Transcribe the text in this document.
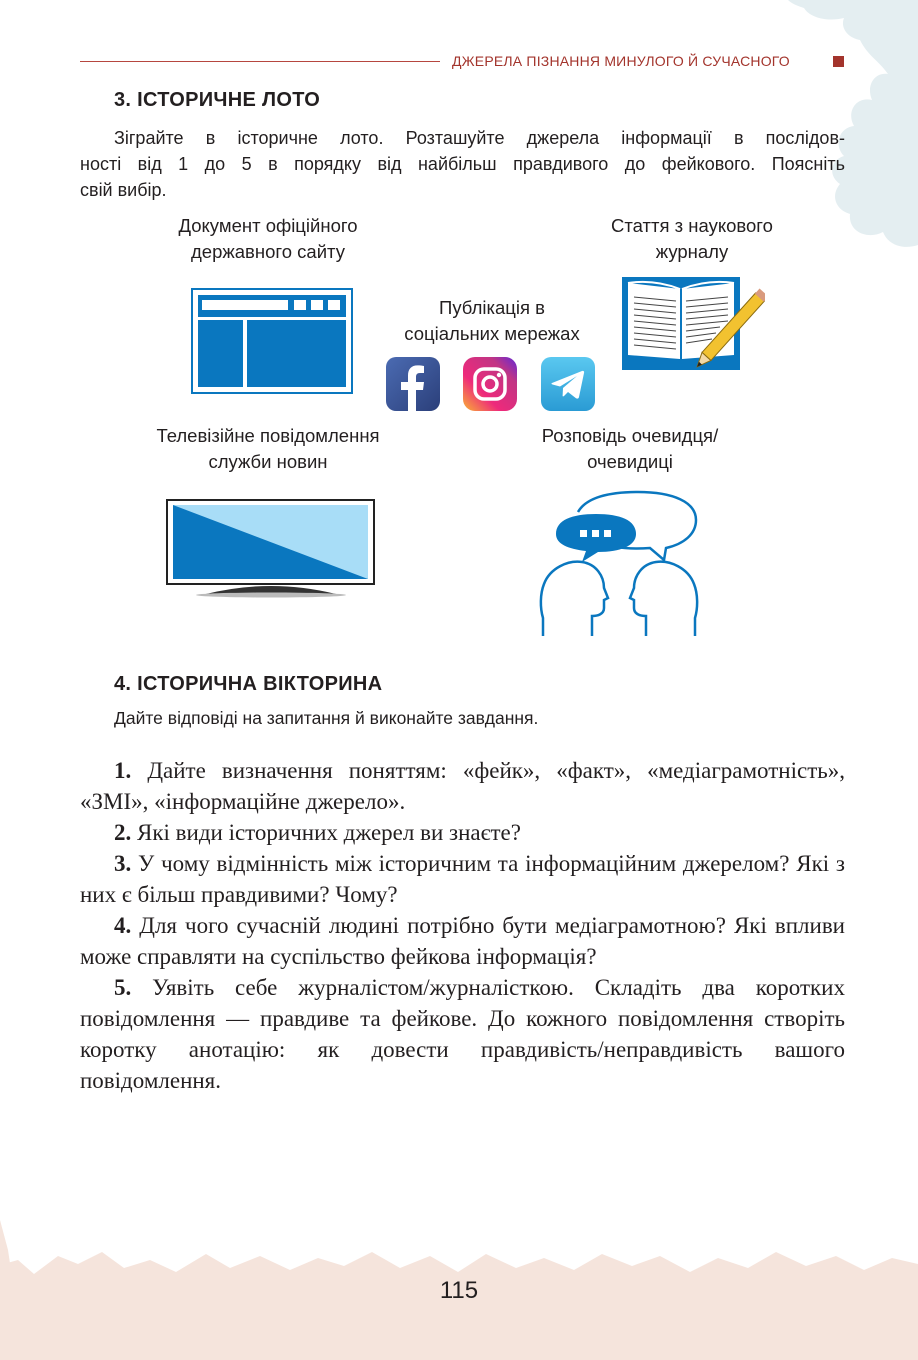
ДЖЕРЕЛА ПІЗНАННЯ МИНУЛОГО Й СУЧАСНОГО
3. ІСТОРИЧНЕ ЛОТО
Зіграйте в історичне лото. Розташуйте джерела інформації в послідов-
ності від 1 до 5 в порядку від найбільш правдивого до фейкового. Поясніть
свій вибір.
Документ офіційного
державного сайту
Стаття з наукового
журналу
Публікація в
соціальних мережах
Телевізійне повідомлення
служби новин
Розповідь очевидця/
очевидиці
4. ІСТОРИЧНА ВІКТОРИНА
Дайте відповіді на запитання й виконайте завдання.

1. Дайте визначення поняттям: «фейк», «факт», «медіаграмотність», «ЗМІ», «інформаційне джерело».

2. Які види історичних джерел ви знаєте?

3. У чому відмінність між історичним та інформаційним джерелом? Які з них є більш правдивими? Чому?

4. Для чого сучасній людині потрібно бути медіаграмотною? Які впливи може справляти на суспільство фейкова інформація?

5. Уявіть себе журналістом/журналісткою. Складіть два коротких повідомлення — правдиве та фейкове. До кожного повідомлення створіть коротку анотацію: як довести правдивість/неправдивість вашого повідомлення.

115
